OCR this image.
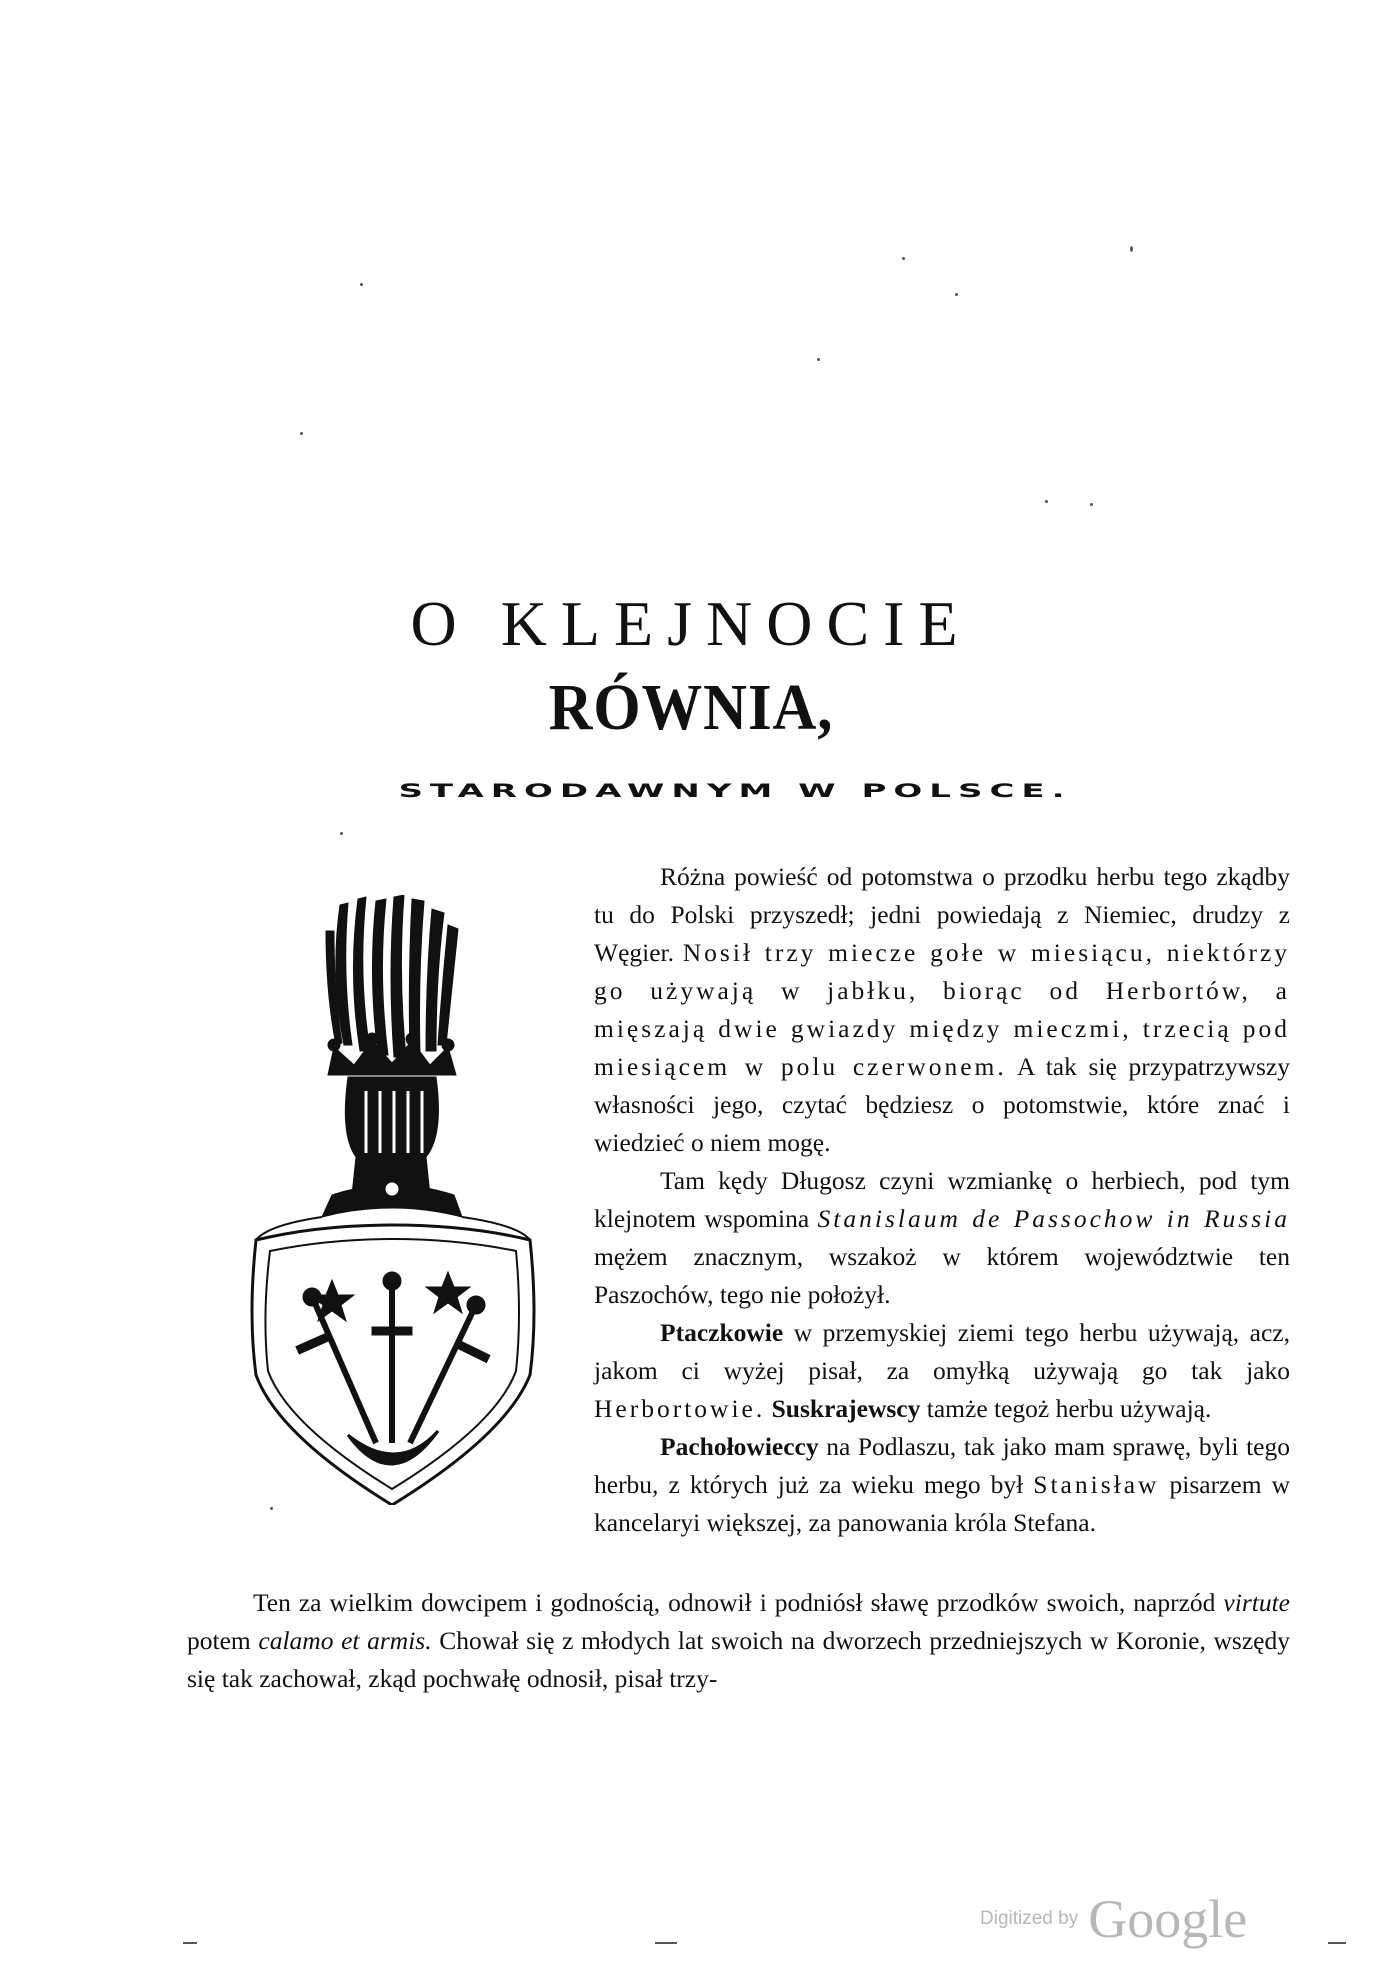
O KLEJNOCIE
RÓWNIA,
STARODAWNYM W POLSCE.

Różna powieść od potomstwa o przodku herbu tego zkądby tu do Polski przyszedł; jedni powiedają z Niemiec, drudzy z Węgier. Nosił trzy miecze gołe w miesiącu, niektórzy go używają w jabłku, biorąc od Herbortów, a mięszają dwie gwiazdy między mieczmi, trzecią pod miesiącem w polu czerwonem. A tak się przypatrzywszy własności jego, czytać będziesz o potomstwie, które znać i wiedzieć o niem mogę.

Tam kędy Długosz czyni wzmiankę o herbiech, pod tym klejnotem wspomina Stanislaum de Passochow in Russia mężem znacznym, wszakoż w którem województwie ten Paszochów, tego nie położył.

Ptaczkowie w przemyskiej ziemi tego herbu używają, acz, jakom ci wyżej pisał, za omyłką używają go tak jako Herbortowie. Suskrajewscy tamże tegoż herbu używają.

Pachołowieccy na Podlaszu, tak jako mam sprawę, byli tego herbu, z których już za wieku mego był Stanisław pisarzem w kancelaryi większej, za panowania króla Stefana.

Ten za wielkim dowcipem i godnością, odnowił i podniósł sławę przodków swoich, naprzód virtute potem calamo et armis. Chował się z młodych lat swoich na dworzech przedniejszych w Koronie, wszędy się tak zachował, zkąd pochwałę odnosił, pisał trzy-

Digitized by Google
